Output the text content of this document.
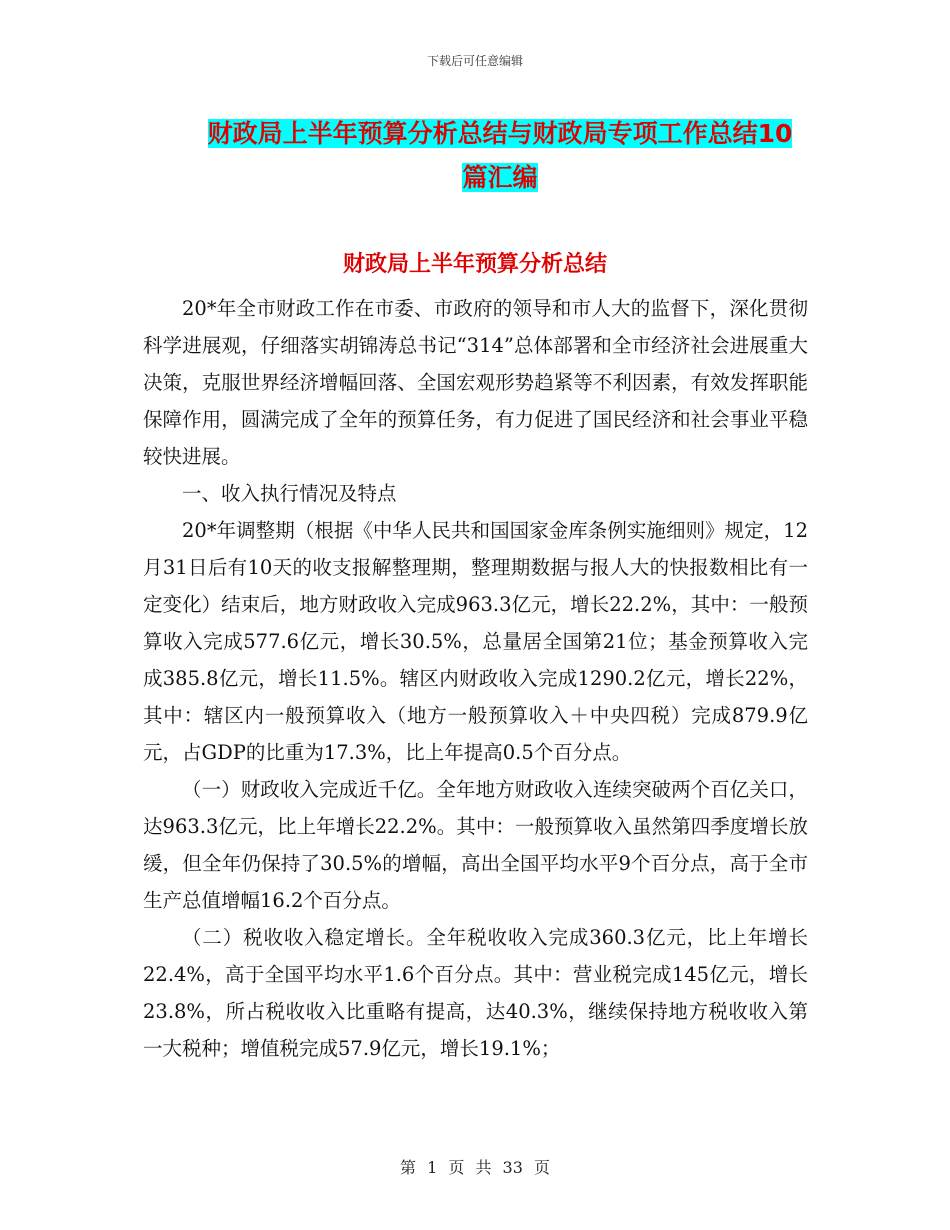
下载后可任意编辑
财政局上半年预算分析总结与财政局专项工作总结10
篇汇编
财政局上半年预算分析总结

20*年全市财政工作在市委、市政府的领导和市人大的监督下，深化贯彻科学进展观，仔细落实胡锦涛总书记“314”总体部署和全市经济社会进展重大决策，克服世界经济增幅回落、全国宏观形势趋紧等不利因素，有效发挥职能保障作用，圆满完成了全年的预算任务，有力促进了国民经济和社会事业平稳较快进展。

一、收入执行情况及特点

20*年调整期（根据《中华人民共和国国家金库条例实施细则》规定，12月31日后有10天的收支报解整理期，整理期数据与报人大的快报数相比有一定变化）结束后，地方财政收入完成963.3亿元，增长22.2%，其中：一般预算收入完成577.6亿元，增长30.5%，总量居全国第21位；基金预算收入完成385.8亿元，增长11.5%。辖区内财政收入完成1290.2亿元，增长22%，其中：辖区内一般预算收入（地方一般预算收入＋中央四税）完成879.9亿元，占GDP的比重为17.3%，比上年提高0.5个百分点。

（一）财政收入完成近千亿。全年地方财政收入连续突破两个百亿关口，达963.3亿元，比上年增长22.2%。其中：一般预算收入虽然第四季度增长放缓，但全年仍保持了30.5%的增幅，高出全国平均水平9个百分点，高于全市生产总值增幅16.2个百分点。

（二）税收收入稳定增长。全年税收收入完成360.3亿元，比上年增长22.4%，高于全国平均水平1.6个百分点。其中：营业税完成145亿元，增长23.8%，所占税收收入比重略有提高，达40.3%，继续保持地方税收收入第一大税种；增值税完成57.9亿元，增长19.1%；

第 1 页 共 33 页
